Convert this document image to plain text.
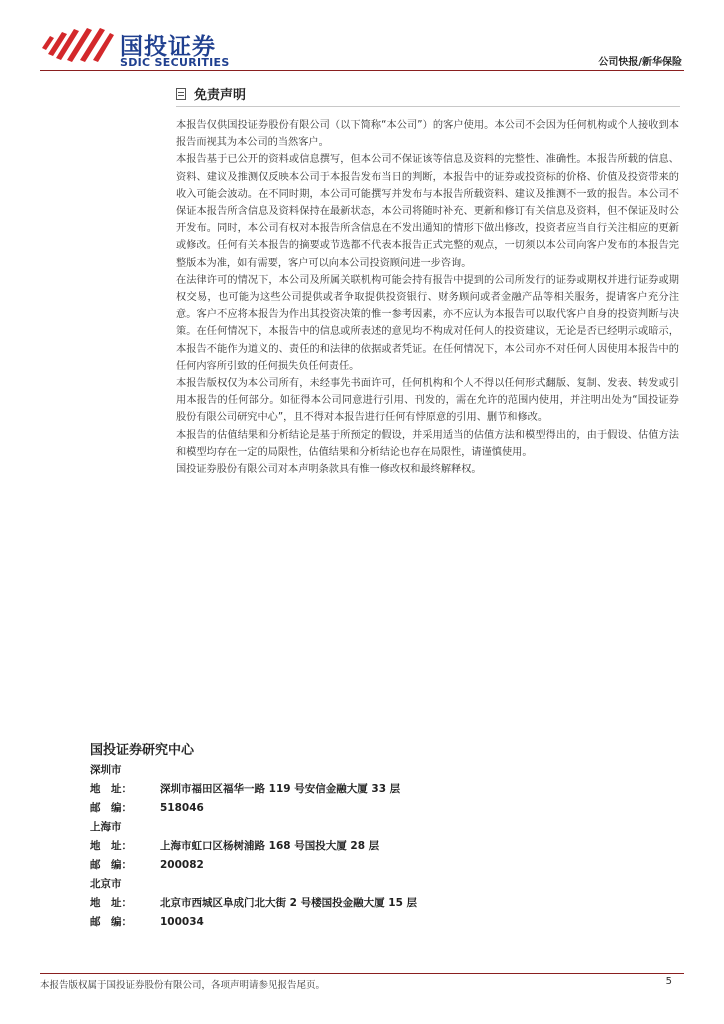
国投证券
SDIC SECURITIES	公司快报/新华保险
免责声明

本报告仅供国投证券股份有限公司（以下简称“本公司”）的客户使用。本公司不会因为任何机构或个人接收到本报告而视其为本公司的当然客户。

本报告基于已公开的资料或信息撰写，但本公司不保证该等信息及资料的完整性、准确性。本报告所载的信息、资料、建议及推测仅反映本公司于本报告发布当日的判断，本报告中的证券或投资标的价格、价值及投资带来的收入可能会波动。在不同时期，本公司可能撰写并发布与本报告所载资料、建议及推测不一致的报告。本公司不保证本报告所含信息及资料保持在最新状态，本公司将随时补充、更新和修订有关信息及资料，但不保证及时公开发布。同时，本公司有权对本报告所含信息在不发出通知的情形下做出修改，投资者应当自行关注相应的更新或修改。任何有关本报告的摘要或节选都不代表本报告正式完整的观点，一切须以本公司向客户发布的本报告完整版本为准，如有需要，客户可以向本公司投资顾问进一步咨询。

在法律许可的情况下，本公司及所属关联机构可能会持有报告中提到的公司所发行的证券或期权并进行证券或期权交易，也可能为这些公司提供或者争取提供投资银行、财务顾问或者金融产品等相关服务，提请客户充分注意。客户不应将本报告为作出其投资决策的惟一参考因素，亦不应认为本报告可以取代客户自身的投资判断与决策。在任何情况下，本报告中的信息或所表述的意见均不构成对任何人的投资建议，无论是否已经明示或暗示，本报告不能作为道义的、责任的和法律的依据或者凭证。在任何情况下，本公司亦不对任何人因使用本报告中的任何内容所引致的任何损失负任何责任。

本报告版权仅为本公司所有，未经事先书面许可，任何机构和个人不得以任何形式翻版、复制、发表、转发或引用本报告的任何部分。如征得本公司同意进行引用、刊发的，需在允许的范围内使用，并注明出处为“国投证券股份有限公司研究中心”，且不得对本报告进行任何有悖原意的引用、删节和修改。

本报告的估值结果和分析结论是基于所预定的假设，并采用适当的估值方法和模型得出的，由于假设、估值方法和模型均存在一定的局限性，估值结果和分析结论也存在局限性，请谨慎使用。

国投证券股份有限公司对本声明条款具有惟一修改权和最终解释权。

国投证券研究中心
深圳市
地　址：	深圳市福田区福华一路 119 号安信金融大厦 33 层
邮　编：	518046
上海市
地　址：	上海市虹口区杨树浦路 168 号国投大厦 28 层
邮　编：	200082
北京市
地　址：	北京市西城区阜成门北大街 2 号楼国投金融大厦 15 层
邮　编：	100034
本报告版权属于国投证券股份有限公司，各项声明请参见报告尾页。	5
